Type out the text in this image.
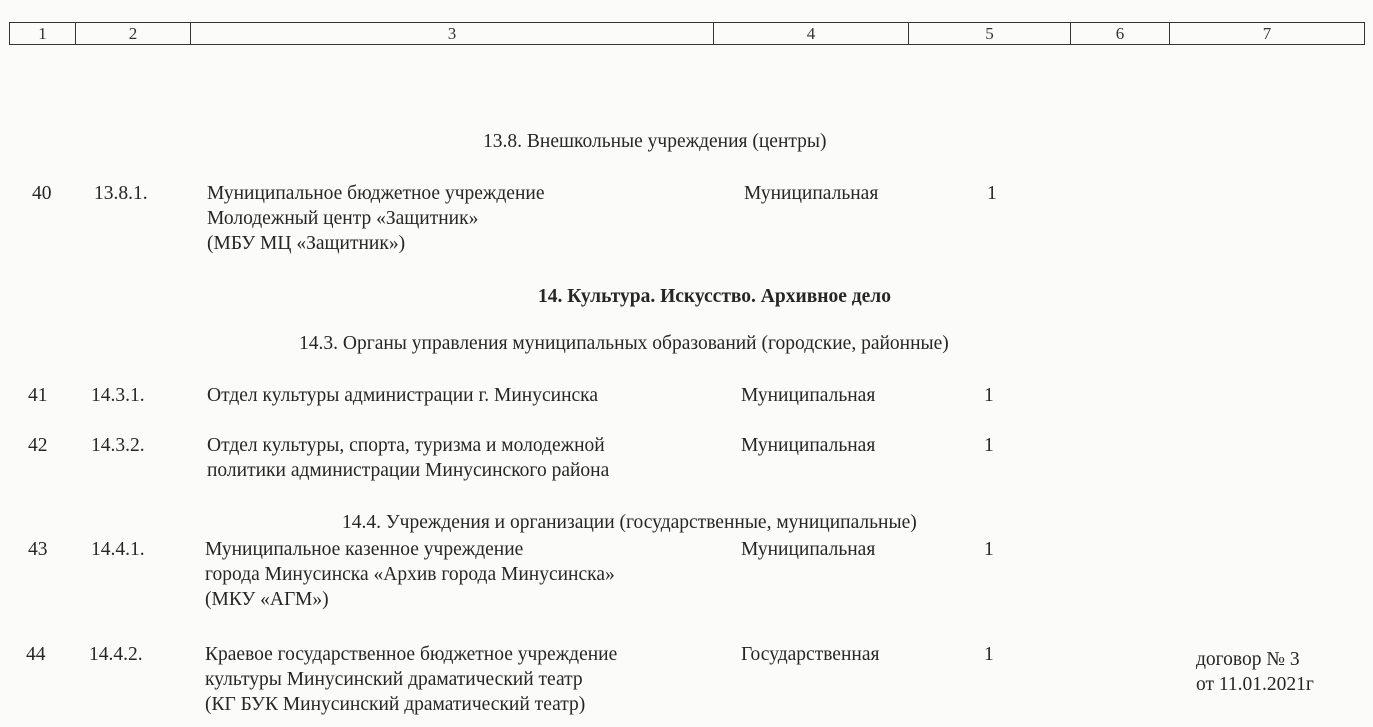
1	2	3	4	5	6	7
13.8. Внешкольные учреждения (центры)
40 13.8.1.	Муниципальное бюджетное учреждение
Молодежный центр «Защитник»
(МБУ МЦ «Защитник»)
Муниципальная	1
14. Культура. Искусство. Архивное дело
14.3. Органы управления муниципальных образований (городские, районные)
41 14.3.1.	Отдел культуры администрации г. Минусинска	Муниципальная	1
42 14.3.2.	Отдел культуры, спорта, туризма и молодежной
политики администрации Минусинского района
Муниципальная	1
14.4. Учреждения и организации (государственные, муниципальные)
43 14.4.1.	Муниципальное казенное учреждение
города Минусинска «Архив города Минусинска»
(МКУ «АГМ»)
Муниципальная	1
44 14.4.2.	Краевое государственное бюджетное учреждение
культуры Минусинский драматический театр
(КГ БУК Минусинский драматический театр)
Государственная	1	договор № 3
от 11.01.2021г
